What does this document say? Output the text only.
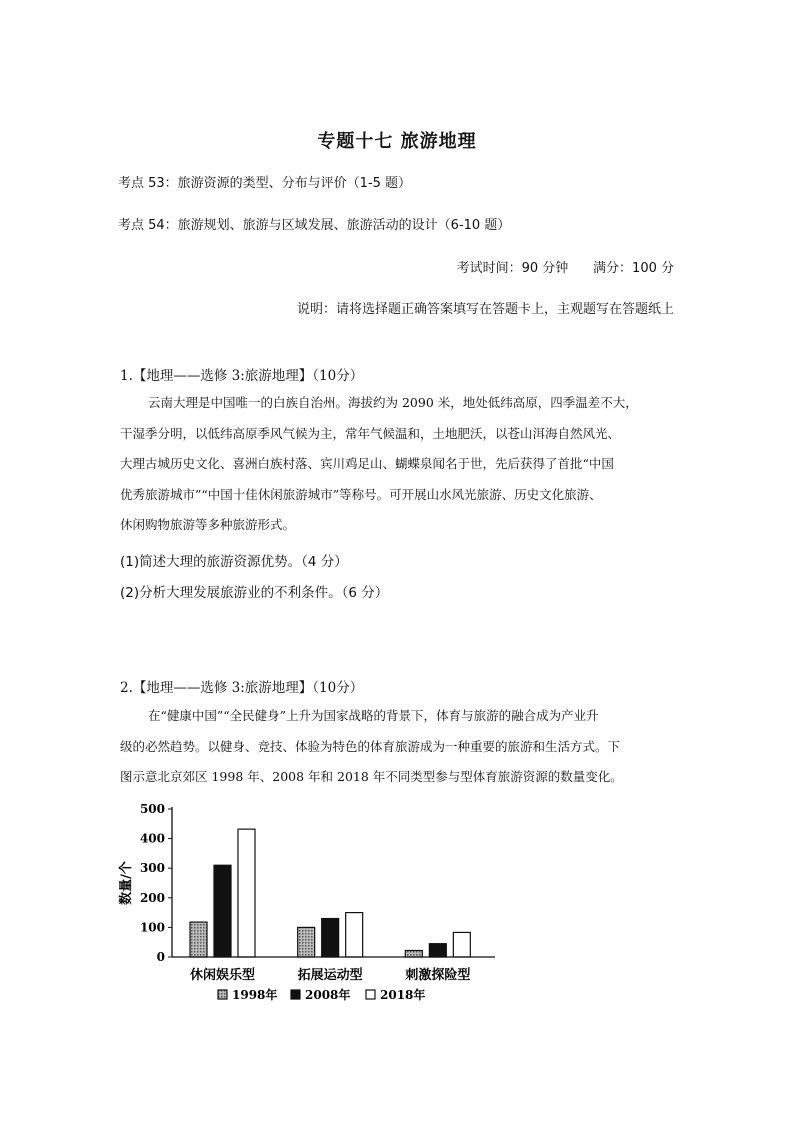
专题十七 旅游地理
考点 53：旅游资源的类型、分布与评价（1-5 题）
考点 54：旅游规划、旅游与区域发展、旅游活动的设计（6-10 题）
考试时间：90 分钟      满分：100 分
说明：请将选择题正确答案填写在答题卡上，主观题写在答题纸上
1.【地理——选修 3:旅游地理】（10分）
云南大理是中国唯一的白族自治州。海拔约为 2090 米，地处低纬高原，四季温差不大，
干湿季分明，以低纬高原季风气候为主，常年气候温和，土地肥沃，以苍山洱海自然风光、
大理古城历史文化、喜洲白族村落、宾川鸡足山、蝴蝶泉闻名于世，先后获得了首批“中国
优秀旅游城市”“中国十佳休闲旅游城市”等称号。可开展山水风光旅游、历史文化旅游、
休闲购物旅游等多种旅游形式。
(1)简述大理的旅游资源优势。（4 分）
(2)分析大理发展旅游业的不利条件。（6 分）
2.【地理——选修 3:旅游地理】（10分）
在“健康中国”“全民健身”上升为国家战略的背景下，体育与旅游的融合成为产业升
级的必然趋势。以健身、竞技、体验为特色的体育旅游成为一种重要的旅游和生活方式。下
图示意北京郊区 1998 年、2008 年和 2018 年不同类型参与型体育旅游资源的数量变化。
0
100
200
300
400
500
数量/个
休闲娱乐型	拓展运动型	刺激探险型
1998年 2008年 2018年
